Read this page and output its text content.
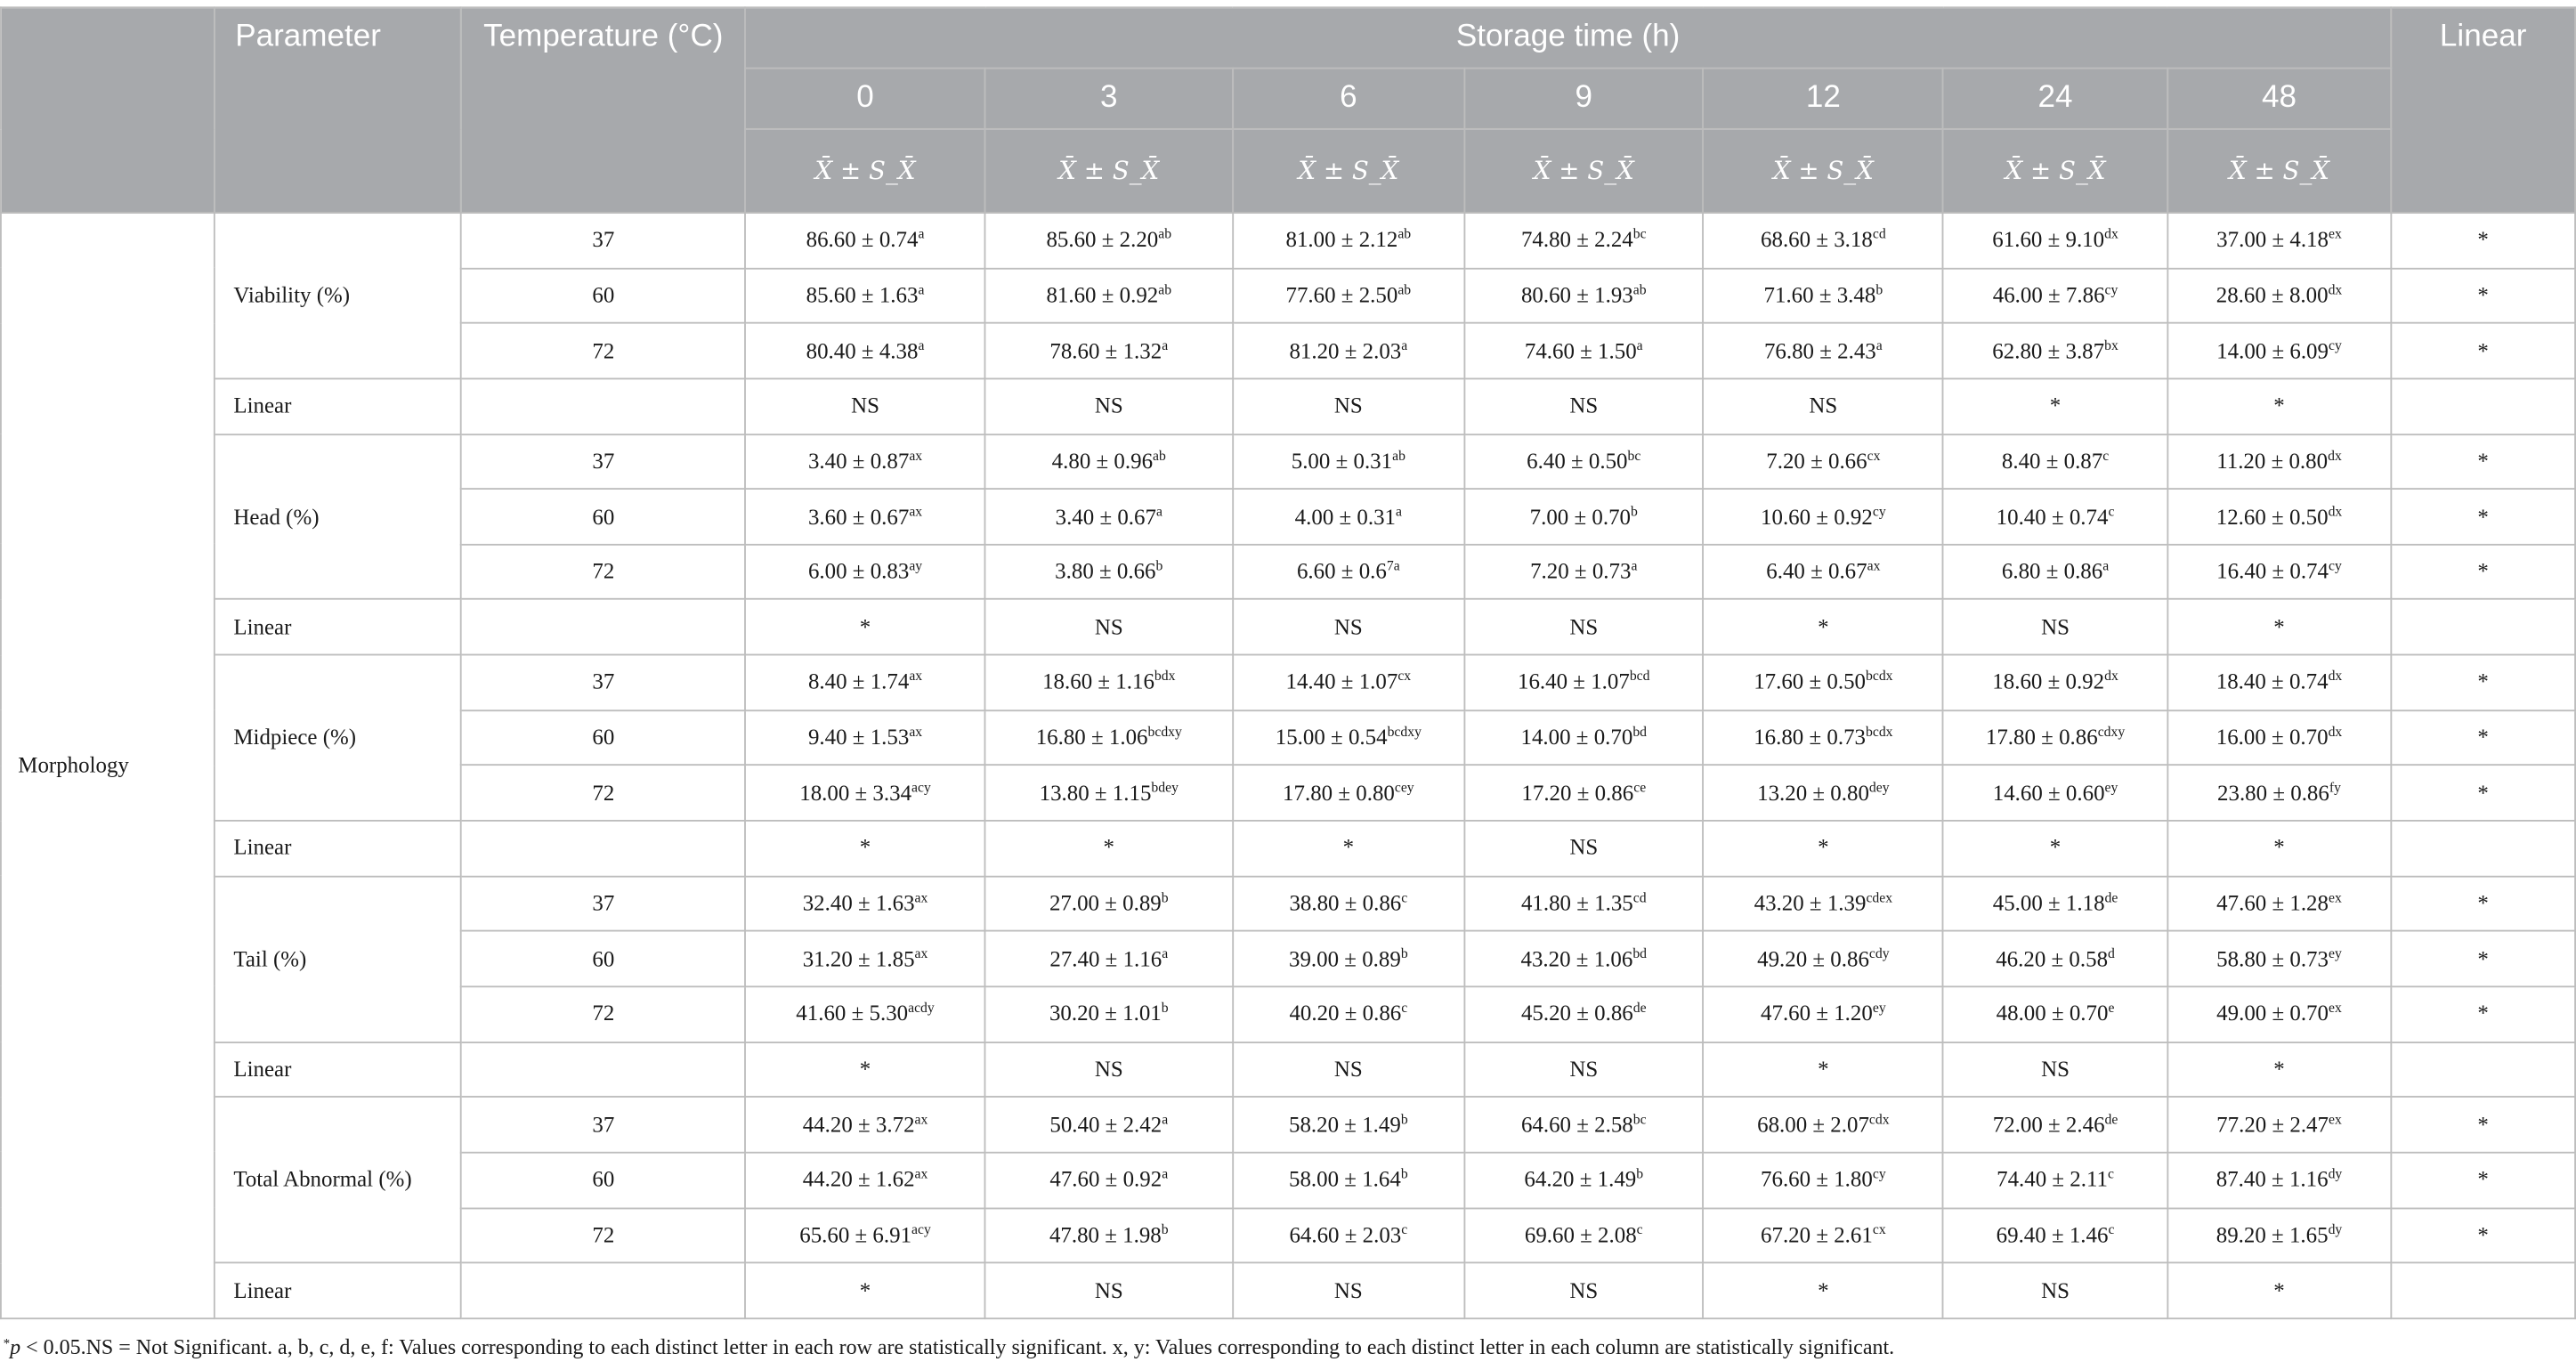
	Parameter	Temperature (°C)	Storage time (h)							Linear
			0	3	6	9	12	24	48	
			X̄ ± S_X̄	X̄ ± S_X̄	X̄ ± S_X̄	X̄ ± S_X̄	X̄ ± S_X̄	X̄ ± S_X̄	X̄ ± S_X̄	
Morphology	Viability (%)	37	86.60 ± 0.74$^a$	85.60 ± 2.20$^{ab}$	81.00 ± 2.12$^{ab}$	74.80 ± 2.24$^{bc}$	68.60 ± 3.18$^{cd}$	$61.60 \pm 9.10^{dx}$	$37.00 \pm 4.18^{ex}$	*
		60	85.60 ± 1.63$^a$	81.60 ± 0.92$^{ab}$	77.60 ± 2.50$^{ab}$	80.60 ± 1.93$^{ab}$	71.60 ± 3.48$^b$	$46.00 \pm 7.86^{cy}$	$28.60 \pm 8.00^{dx}$	*
		72	80.40 ± 4.38$^a$	78.60 ± 1.32$^a$	81.20 ± 2.03$^a$	74.60 ± 1.50$^a$	76.80 ± 2.43$^a$	$62.80 \pm 3.87^{bx}$	$14.00 \pm 6.09^{cy}$	*
	Linear		NS	NS	NS	NS	NS	*	*	
	Head (%)	37	$3.40 \pm 0.87^{ax}$	4.80 ± 0.96$^{ab}$	5.00 ± 0.31$^{ab}$	6.40 ± 0.50$^{bc}$	$7.20 \pm 0.66^{cx}$	8.40 ± 0.87$^c$	$11.20 \pm 0.80^{dx}$	*
		60	$3.60 \pm 0.67^{ax}$	3.40 ± 0.67$^a$	4.00 ± 0.31$^a$	7.00 ± 0.70$^b$	$10.60 \pm 0.92^{cy}$	10.40 ± 0.74$^c$	$12.60 \pm 0.50^{dx}$	*
		72	$6.00 \pm 0.83^{ay}$	3.80 ± 0.66$^b$	$6.60 \pm 0.6^{7a}$	7.20 ± 0.73$^a$	$6.40 \pm 0.67^{ax}$	6.80 ± 0.86$^a$	$16.40 \pm 0.74^{cy}$	*
	Linear		*	NS	NS	NS	*	NS	*	
	Midpiece (%)	37	$8.40 \pm 1.74^{ax}$	$18.60 \pm 1.16^{bdx}$	$14.40 \pm 1.07^{cx}$	16.40 ± 1.07$^{bcd}$	$17.60 \pm 0.50^{bcdx}$	$18.60 \pm 0.92^{dx}$	$18.40 \pm 0.74^{dx}$	*
		60	$9.40 \pm 1.53^{ax}$	$16.80 \pm 1.06^{bcdxy}$	$15.00 \pm 0.54^{bcdxy}$	14.00 ± 0.70$^{bd}$	$16.80 \pm 0.73^{bcdx}$	$17.80 \pm 0.86^{cdxy}$	$16.00 \pm 0.70^{dx}$	*
		72	$18.00 \pm 3.34^{acy}$	$13.80 \pm 1.15^{bdey}$	$17.80 \pm 0.80^{cey}$	17.20 ± 0.86$^{ce}$	$13.20 \pm 0.80^{dey}$	$14.60 \pm 0.60^{ey}$	$23.80 \pm 0.86^{fy}$	*
	Linear		*	*	*	NS	*	*	*	
	Tail (%)	37	$32.40 \pm 1.63^{ax}$	27.00 ± 0.89$^b$	38.80 ± 0.86$^c$	41.80 ± 1.35$^{cd}$	$43.20 \pm 1.39^{cdex}$	45.00 ± 1.18de	$47.60 \pm 1.28^{ex}$	*
		60	$31.20 \pm 1.85^{ax}$	27.40 ± 1.16$^a$	39.00 ± 0.89$^b$	43.20 ± 1.06$^{bd}$	$49.20 \pm 0.86^{cdy}$	46.20 ± 0.58$^d$	$58.80 \pm 0.73^{ey}$	*
		72	$41.60 \pm 5.30^{acdy}$	30.20 ± 1.01$^b$	40.20 ± 0.86$^c$	45.20 ± 0.86de	$47.60 \pm 1.20^{ey}$	48.00 ± 0.70$^e$	$49.00 \pm 0.70^{ex}$	*
	Linear		*	NS	NS	NS	*	NS	*	
	Total Abnormal (%)	37	$44.20 \pm 3.72^{ax}$	50.40 ± 2.42$^a$	58.20 ± 1.49$^b$	64.60 ± 2.58$^{bc}$	$68.00 \pm 2.07^{cdx}$	72.00 ± 2.46de	$77.20 \pm 2.47^{ex}$	*
		60	$44.20 \pm 1.62^{ax}$	47.60 ± 0.92$^a$	58.00 ± 1.64$^b$	64.20 ± 1.49$^b$	$76.60 \pm 1.80^{cy}$	74.40 ± 2.11$^c$	$87.40 \pm 1.16^{dy}$	*
		72	$65.60 \pm 6.91^{acy}$	47.80 ± 1.98$^b$	64.60 ± 2.03$^c$	69.60 ± 2.08$^c$	$67.20 \pm 2.61^{cx}$	69.40 ± 1.46$^c$	$89.20 \pm 1.65^{dy}$	*
	Linear		*	NS	NS	NS	*	NS	*	
*p < 0.05.NS = Not Significant. a, b, c, d, e, f: Values corresponding to each distinct letter in each row are statistically significant. x, y: Values corresponding to each distinct letter in each column are statistically significant.
